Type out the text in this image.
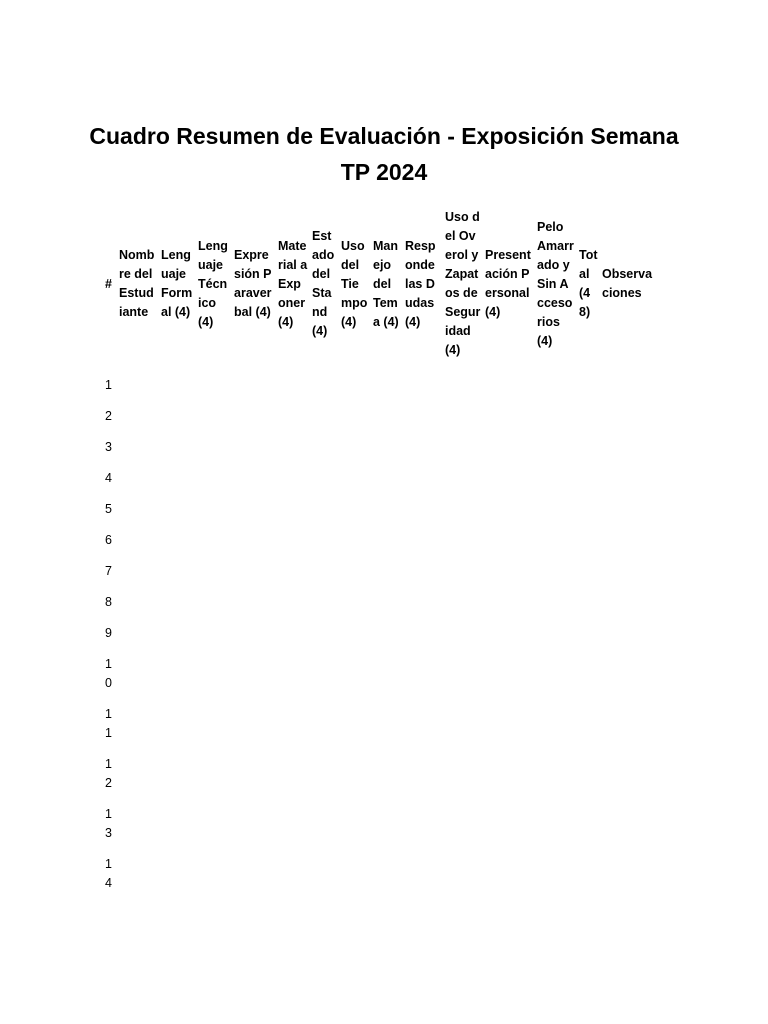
Cuadro Resumen de Evaluación - Exposición Semana
TP 2024
#	Nombre del Estudiante	Lenguaje Formal (4)	Lenguaje Técnico (4)	Expresión Paraverbal (4)	Material a Exponer (4)	Estado del Stand (4)	Uso del Tiempo (4)	Manejo del Tema (4)	Responde las Dudas (4)	Uso del Overol y Zapatos de Seguridad (4)	Presentación Personal (4)	Pelo Amarrado y Sin Accesorios (4)	Total (48)	Observaciones
1														
2														
3														
4														
5														
6														
7														
8														
9														
10														
11														
12														
13														
14														
